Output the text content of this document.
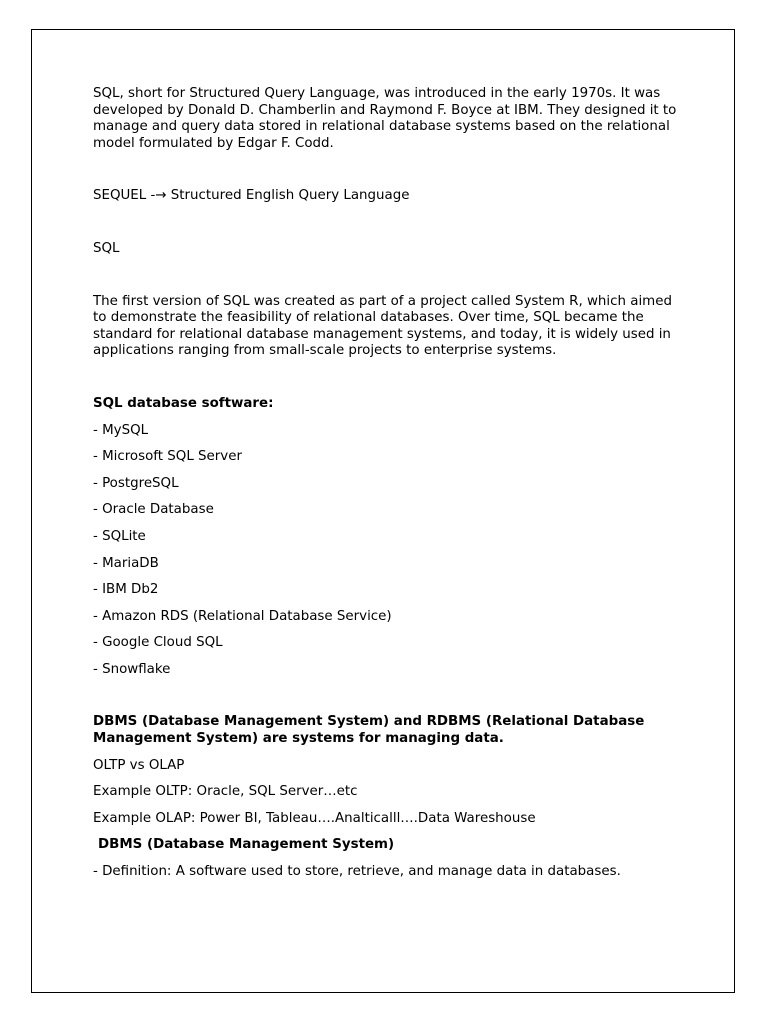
SQL, short for Structured Query Language, was introduced in the early 1970s. It was developed by Donald D. Chamberlin and Raymond F. Boyce at IBM. They designed it to manage and query data stored in relational database systems based on the relational model formulated by Edgar F. Codd.

SEQUEL -→ Structured English Query Language

SQL

The first version of SQL was created as part of a project called System R, which aimed to demonstrate the feasibility of relational databases. Over time, SQL became the standard for relational database management systems, and today, it is widely used in applications ranging from small-scale projects to enterprise systems.

SQL database software:

- MySQL
- Microsoft SQL Server
- PostgreSQL
- Oracle Database
- SQLite
- MariaDB
- IBM Db2
- Amazon RDS (Relational Database Service)
- Google Cloud SQL
- Snowflake

DBMS (Database Management System) and RDBMS (Relational Database Management System) are systems for managing data.

OLTP vs OLAP

Example OLTP: Oracle, SQL Server…etc

Example OLAP: Power BI, Tableau….Analticalll….Data Wareshouse

DBMS (Database Management System)

- Definition: A software used to store, retrieve, and manage data in databases.
